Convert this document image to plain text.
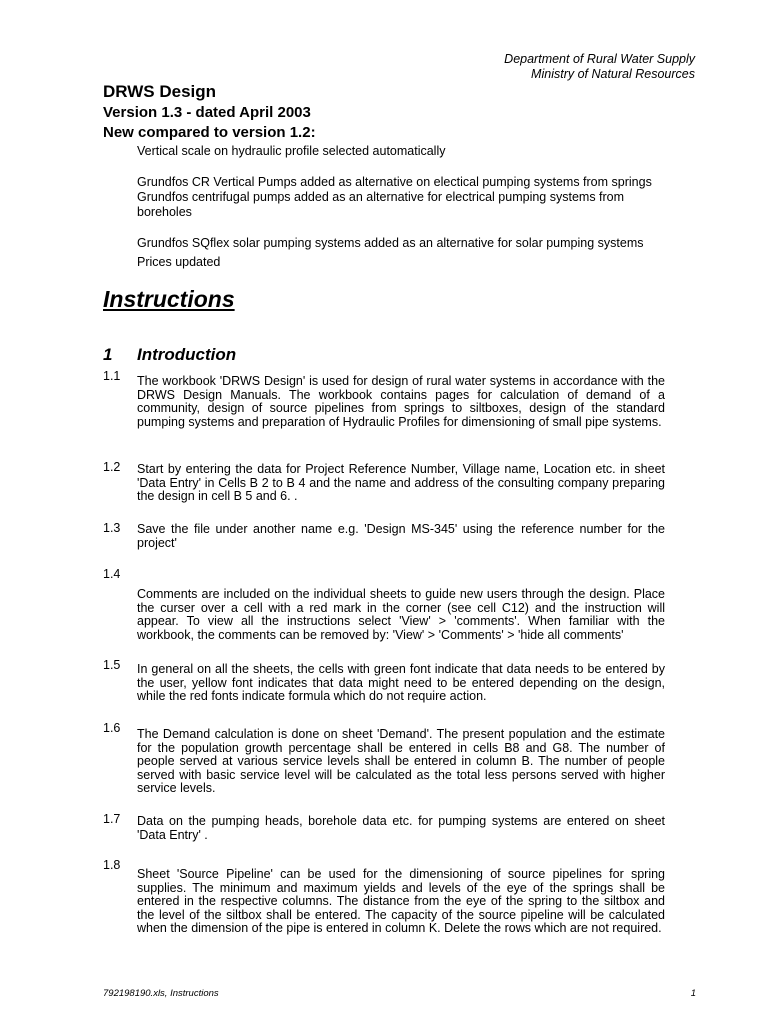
Department of Rural Water Supply
Ministry of Natural Resources
DRWS Design
Version 1.3 - dated April 2003
New compared to version 1.2:

Vertical scale on hydraulic profile selected automatically

Grundfos CR Vertical Pumps added as alternative on electical pumping systems from springs

Grundfos centrifugal pumps added as an alternative for electrical pumping systems from boreholes

Grundfos SQflex solar pumping systems added as an alternative for solar pumping systems

Prices updated

Instructions
1 Introduction
1.1 The workbook 'DRWS Design' is used for design of rural water systems in accordance with the DRWS Design Manuals. The workbook contains pages for calculation of demand of a community, design of source pipelines from springs to siltboxes, design of the standard pumping systems and preparation of Hydraulic Profiles for dimensioning of small pipe systems.

1.2 Start by entering the data for Project Reference Number, Village name, Location etc. in sheet 'Data Entry' in Cells B 2 to B 4 and the name and address of the consulting company preparing the design in cell B 5 and 6. .

1.3 Save the file under another name e.g. 'Design MS-345' using the reference number for the project'

1.4

Comments are included on the individual sheets to guide new users through the design. Place the curser over a cell with a red mark in the corner (see cell C12) and the instruction will appear. To view all the instructions select 'View' > 'comments'. When familiar with the workbook, the comments can be removed by: 'View' > 'Comments' > 'hide all comments'

1.5 In general on all the sheets, the cells with green font indicate that data needs to be entered by the user, yellow font indicates that data might need to be entered depending on the design, while the red fonts indicate formula which do not require action.

1.6 The Demand calculation is done on sheet 'Demand'. The present population and the estimate for the population growth percentage shall be entered in cells B8 and G8. The number of people served at various service levels shall be entered in column B. The number of people served with basic service level will be calculated as the total less persons served with higher service levels.

1.7 Data on the pumping heads, borehole data etc. for pumping systems are entered on sheet 'Data Entry' .

1.8

Sheet 'Source Pipeline' can be used for the dimensioning of source pipelines for spring supplies. The minimum and maximum yields and levels of the eye of the springs shall be entered in the respective columns. The distance from the eye of the spring to the siltbox and the level of the siltbox shall be entered. The capacity of the source pipeline will be calculated when the dimension of the pipe is entered in column K. Delete the rows which are not required.

792198190.xls, Instructions	1
